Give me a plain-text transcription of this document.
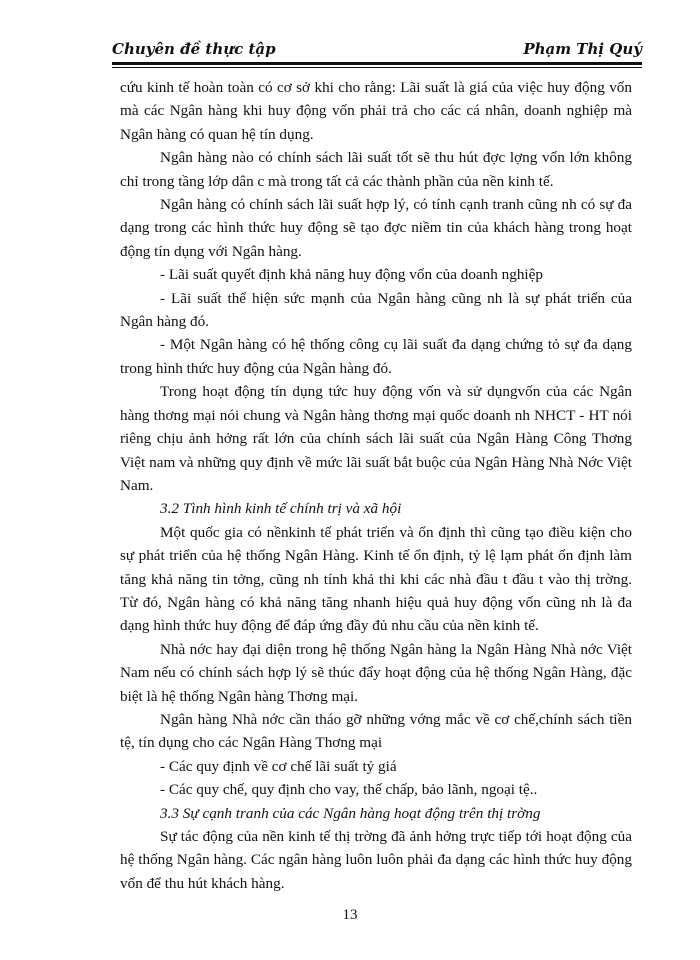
Chuyên đề thực tập	Phạm Thị Quý

cứu kinh tế hoàn toàn có cơ sở khi cho rằng: Lãi suất là giá của việc huy động vốn mà các Ngân hàng khi huy động vốn phải trả cho các cá nhân, doanh nghiệp mà Ngân hàng có quan hệ tín dụng.

Ngân hàng nào có chính sách lãi suất tốt sẽ thu hút đợc lợng vốn lớn không chỉ trong tầng lớp dân c mà trong tất cả các thành phần của nền kinh tế.

Ngân hàng có chính sách lãi suất hợp lý, có tính cạnh tranh cũng nh có sự đa dạng trong các hình thức huy động sẽ tạo đợc niềm tin của khách hàng trong hoạt động tín dụng với Ngân hàng.

- Lãi suất quyết định khả năng huy động vốn của doanh nghiệp

- Lãi suất thể hiện sức mạnh của Ngân hàng cũng nh là sự phát triển của Ngân hàng đó.

- Một Ngân hàng có hệ thống công cụ lãi suất đa dạng chứng tỏ sự đa dạng trong hình thức huy động của Ngân hàng đó.

Trong hoạt động tín dụng tức huy động vốn và sử dụngvốn của các Ngân hàng thơng mại nói chung và Ngân hàng thơng mại quốc doanh nh NHCT - HT nói riêng chịu ảnh hởng rất lớn của chính sách lãi suất của Ngân Hàng Công Thơng Việt nam và những quy định về mức lãi suất bắt buộc của Ngân Hàng Nhà Nớc Việt Nam.

3.2 Tình hình kinh tế chính trị và xã hội

Một quốc gia có nềnkinh tế phát triển và ổn định thì cũng tạo điều kiện cho sự phát triển của hệ thống Ngân Hàng. Kinh tế ổn định, tỷ lệ lạm phát ổn định làm tăng khả năng tin tởng, cũng nh tính khả thi khi các nhà đầu t đầu t vào thị trờng. Từ đó, Ngân hàng có khả năng tăng nhanh hiệu quả huy động vốn cũng nh là đa dạng hình thức huy động để đáp ứng đầy đủ nhu cầu của nền kinh tế.

Nhà nớc hay đại diện trong hệ thống Ngân hàng la Ngân Hàng Nhà nớc Việt Nam nếu có chính sách hợp lý sẽ thúc đẩy hoạt động của hệ thống Ngân Hàng, đặc biệt là hệ thống Ngân hàng Thơng mại.

Ngân hàng Nhà nớc cần tháo gỡ những vớng mắc về cơ chế,chính sách tiền tệ, tín dụng cho các Ngân Hàng Thơng mại

- Các quy định về cơ chế lãi suất tỷ giá

- Các quy chế, quy định cho vay, thế chấp, bảo lãnh, ngoại tệ..

3.3 Sự cạnh tranh của các Ngân hàng hoạt động trên thị trờng

Sự tác động của nền kinh tế thị trờng đã ảnh hởng trực tiếp tới hoạt động của hệ thống Ngân hàng. Các ngân hàng luôn luôn phải đa dạng các hình thức huy động vốn để thu hút khách hàng.

13
